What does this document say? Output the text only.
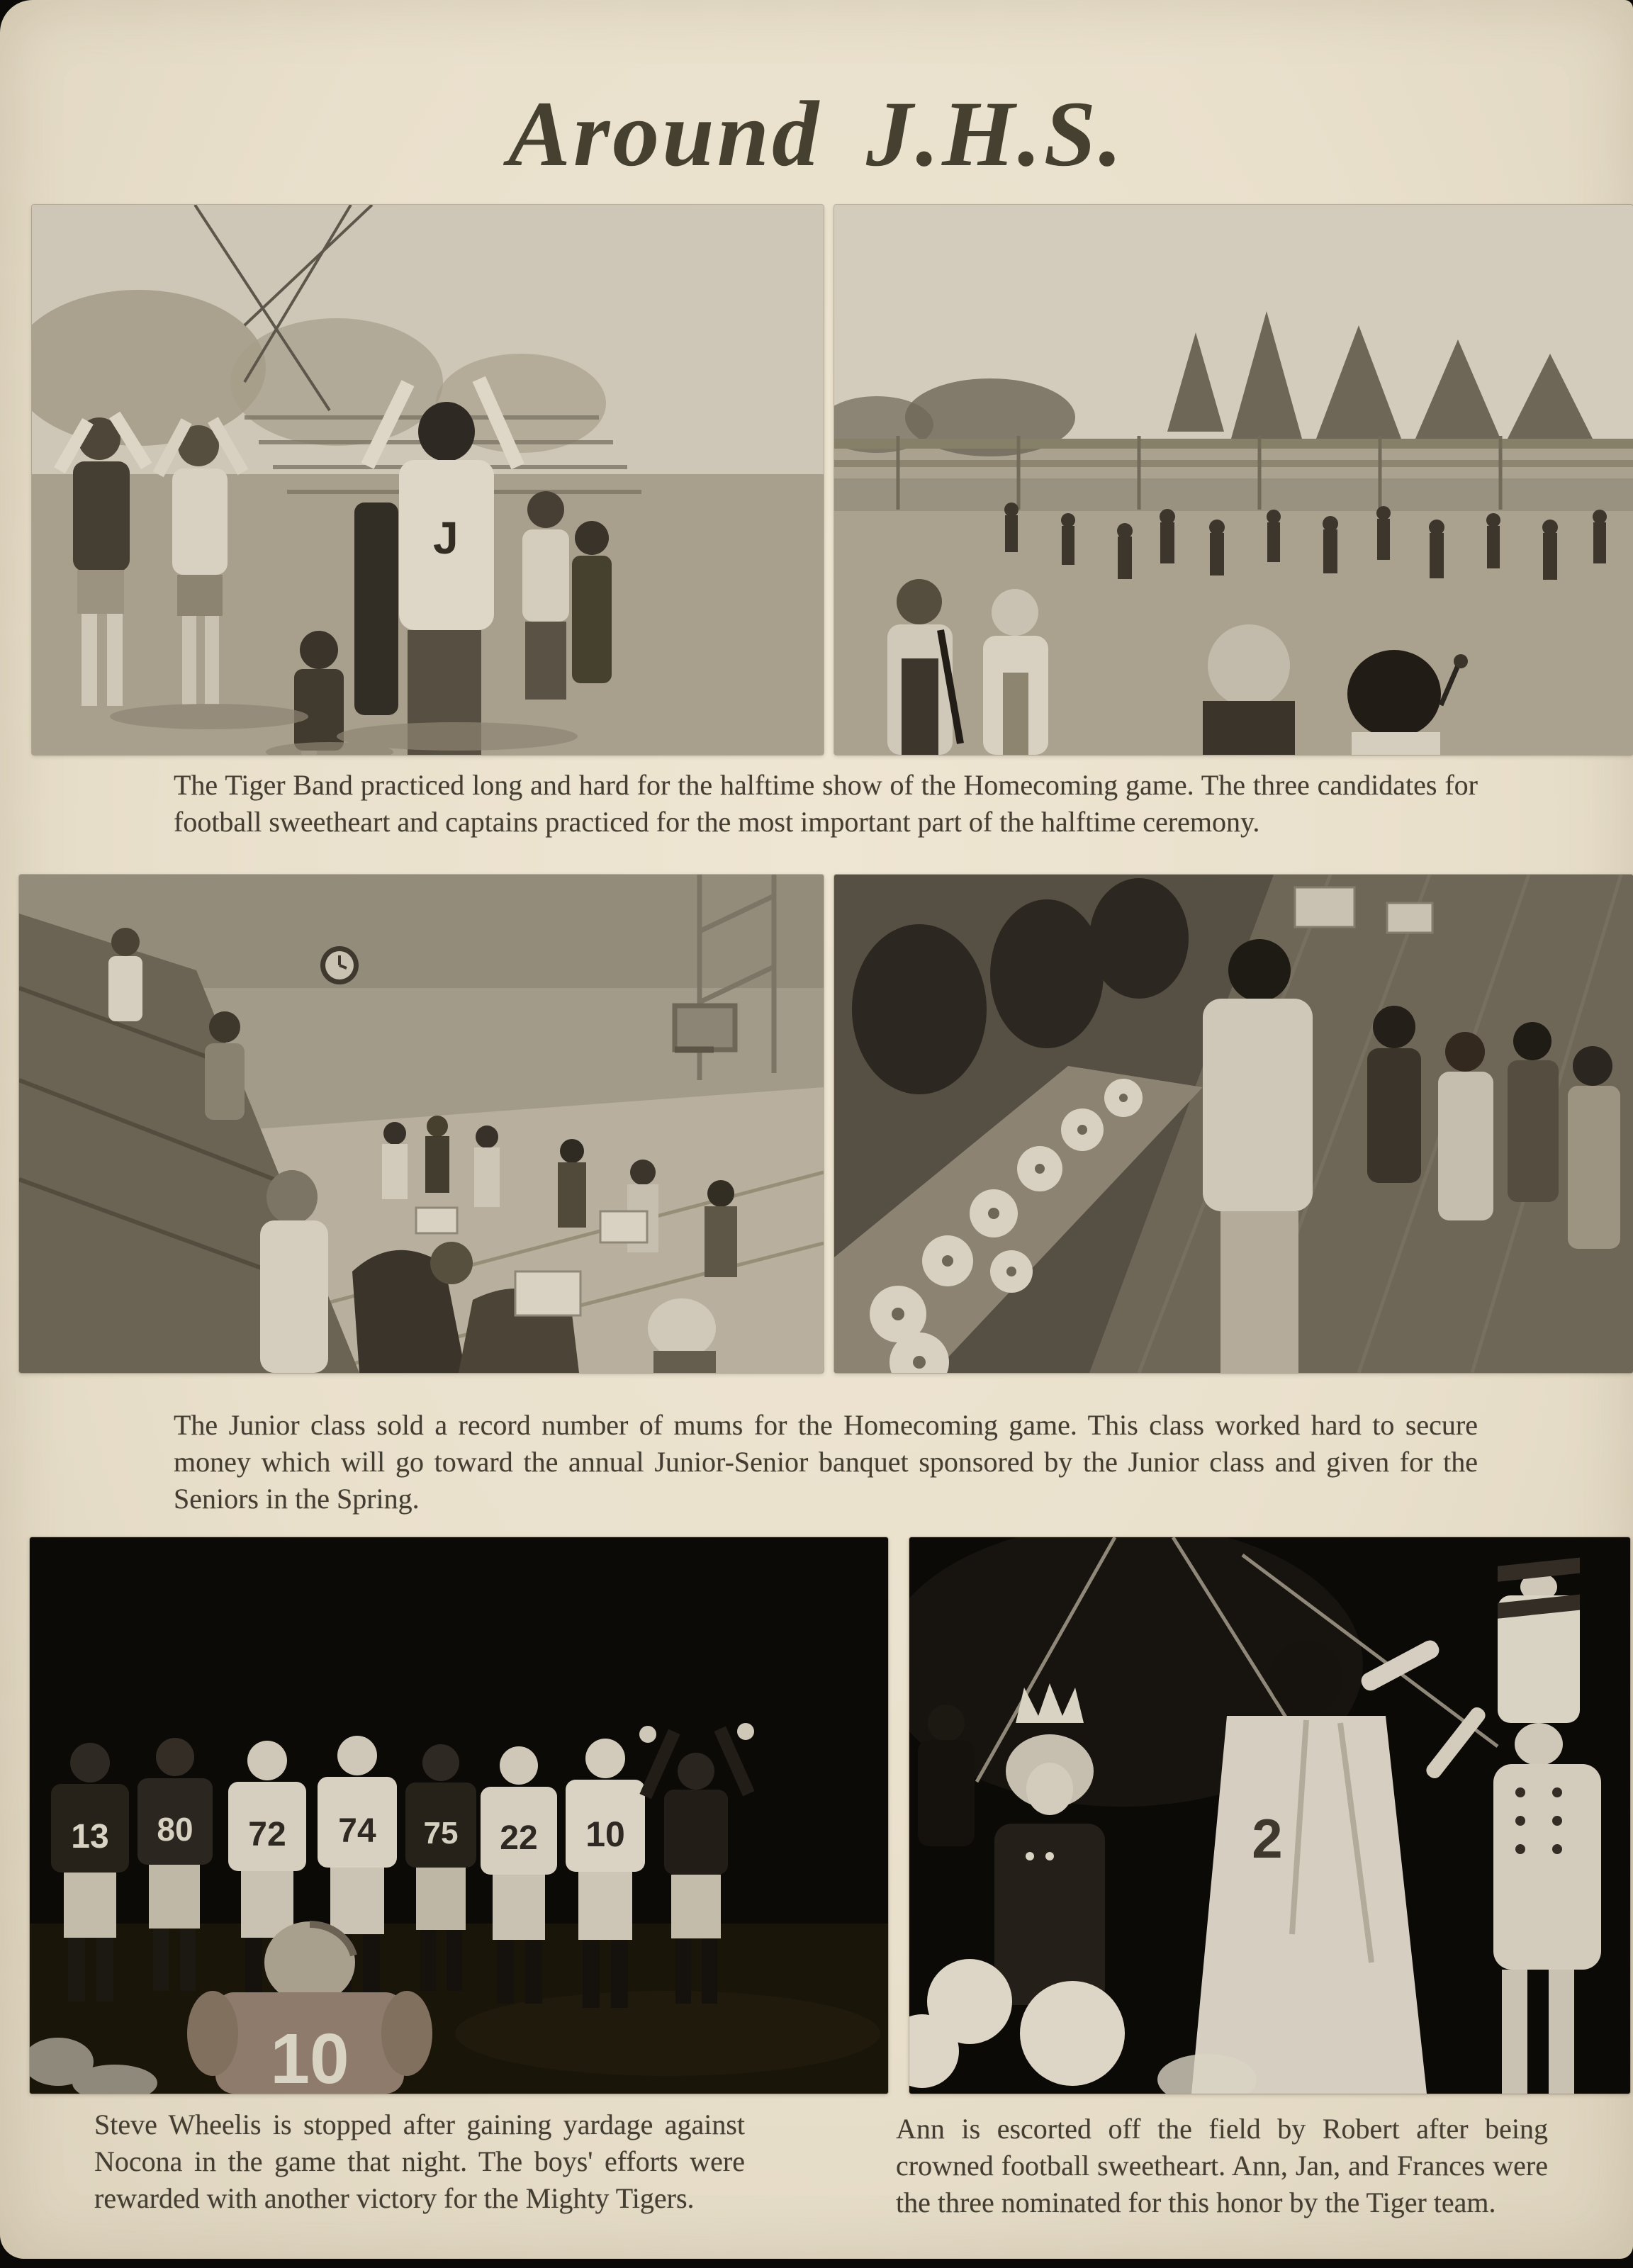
Around J.H.S.
J

The Tiger Band practiced long and hard for the halftime show of the Homecoming game. The three candidates for football sweetheart and captains practiced for the most important part of the halftime ceremony.

The Junior class sold a record number of mums for the Homecoming game. This class worked hard to secure money which will go toward the annual Junior-Senior banquet sponsored by the Junior class and given for the Seniors in the Spring.

13 80 72 74 75 22 10
10
2

Steve Wheelis is stopped after gaining yardage against Nocona in the game that night. The boys' efforts were rewarded with another victory for the Mighty Tigers.

Ann is escorted off the field by Robert after being crowned football sweetheart. Ann, Jan, and Frances were the three nominated for this honor by the Tiger team.
